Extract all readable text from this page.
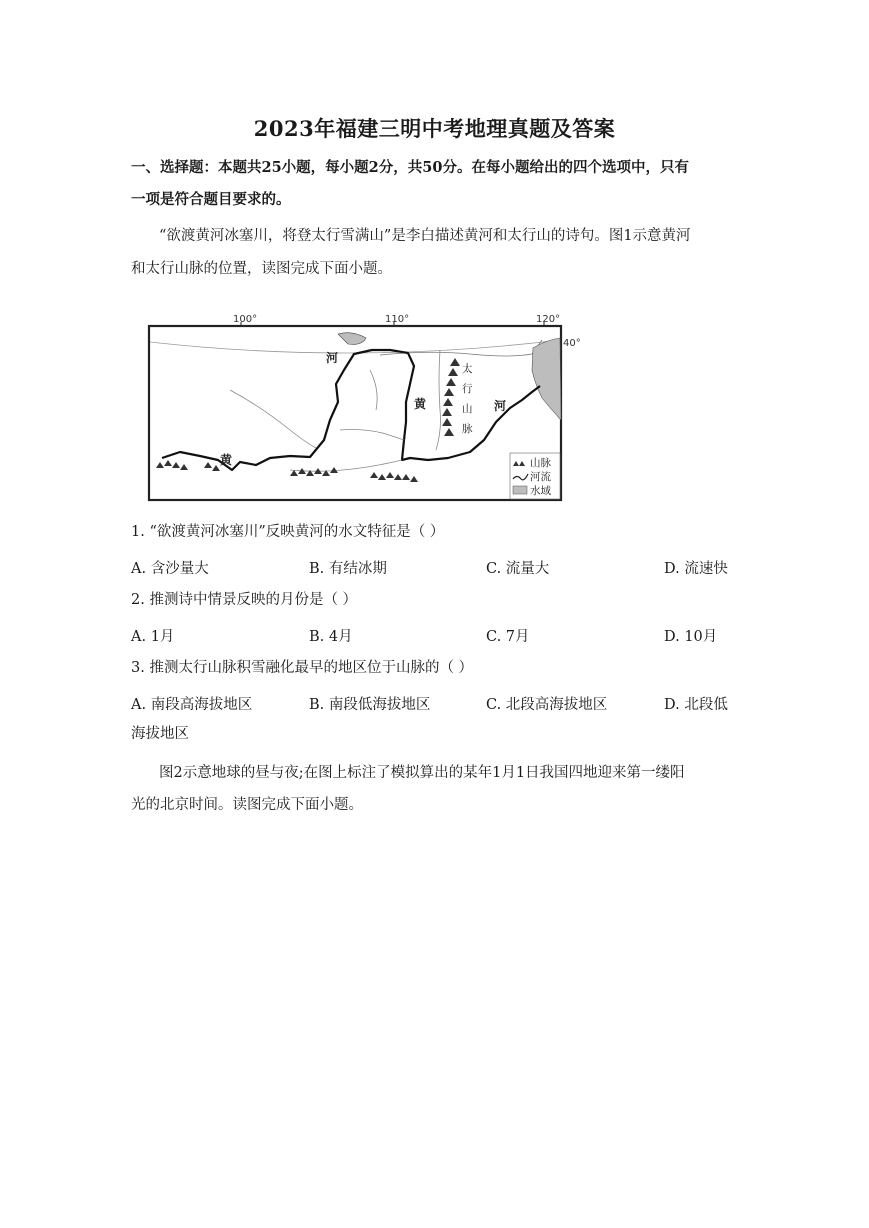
2023年福建三明中考地理真题及答案
一、选择题：本题共25小题，每小题2分，共50分。在每小题给出的四个选项中，只有
一项是符合题目要求的。
“欲渡黄河冰塞川，将登太行雪满山”是李白描述黄河和太行山的诗句。图1示意黄河
和太行山脉的位置，读图完成下面小题。
100°	110°	120°
40°
河
黄	河
黄
太
行
山
脉
山脉
河流
水域
1. “欲渡黄河冰塞川”反映黄河的水文特征是（ ）
A. 含沙量大	B. 有结冰期	C. 流量大	D. 流速快
2. 推测诗中情景反映的月份是（ ）
A. 1月	B. 4月	C. 7月	D. 10月
3. 推测太行山脉积雪融化最早的地区位于山脉的（ ）
A. 南段高海拔地区	B. 南段低海拔地区	C. 北段高海拔地区	D. 北段低
海拔地区
图2示意地球的昼与夜;在图上标注了模拟算出的某年1月1日我国四地迎来第一缕阳
光的北京时间。读图完成下面小题。
